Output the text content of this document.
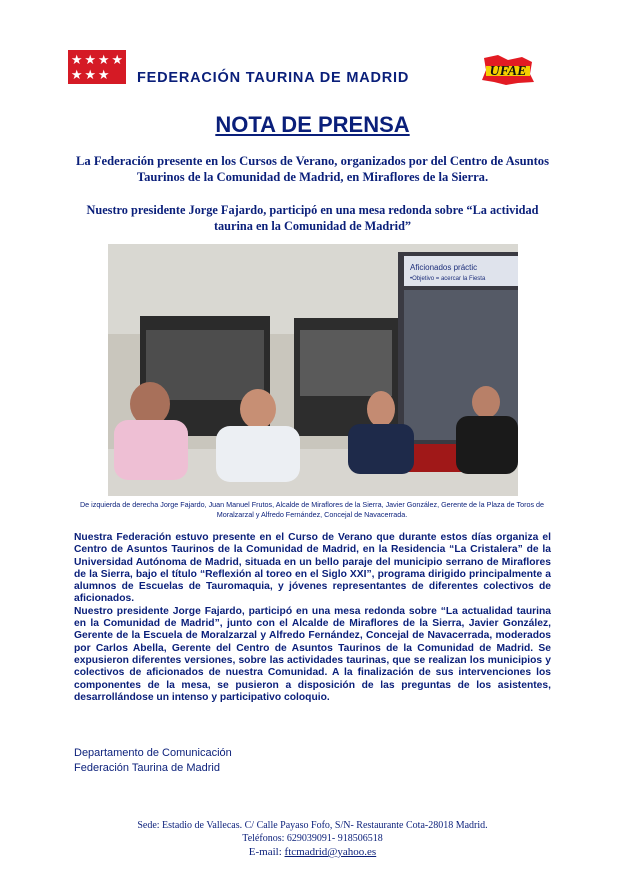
★ ★ ★ ★
★ ★ ★
FEDERACIÓN TAURINA DE MADRID	UFAE
NOTA DE PRENSA
La Federación presente en los Cursos de Verano, organizados por del Centro de Asuntos Taurinos de la Comunidad de Madrid, en Miraflores de la Sierra.
Nuestro presidente Jorge Fajardo, participó en una mesa redonda sobre “La actividad taurina en la Comunidad de Madrid”
Aficionados práctic
•Objetivo = acercar la Fiesta
De izquierda de derecha Jorge Fajardo, Juan Manuel Frutos, Alcalde de Miraflores de la Sierra, Javier González, Gerente de la Plaza de Toros de Moralzarzal y Alfredo Fernández, Concejal de Navacerrada.

Nuestra Federación estuvo presente en el Curso de Verano que durante estos días organiza el Centro de Asuntos Taurinos de la Comunidad de Madrid, en la Residencia “La Cristalera” de la Universidad Autónoma de Madrid, situada en un bello paraje del municipio serrano de Miraflores de la Sierra, bajo el título “Reflexión al toreo en el Siglo XXI”, programa dirigido principalmente a alumnos de Escuelas de Tauromaquia, y jóvenes representantes de diferentes colectivos de aficionados.

Nuestro presidente Jorge Fajardo, participó en una mesa redonda sobre “La actualidad taurina en la Comunidad de Madrid”, junto con el Alcalde de Miraflores de la Sierra, Javier González, Gerente de la Escuela de Moralzarzal y Alfredo Fernández, Concejal de Navacerrada, moderados por Carlos Abella, Gerente del Centro de Asuntos Taurinos de la Comunidad de Madrid. Se expusieron diferentes versiones, sobre las actividades taurinas, que se realizan los municipios y colectivos de aficionados de nuestra Comunidad. A la finalización de sus intervenciones los componentes de la mesa, se pusieron a disposición de las preguntas de los asistentes, desarrollándose un intenso y participativo coloquio.

Departamento de Comunicación
Federación Taurina de Madrid
Sede: Estadio de Vallecas. C/ Calle Payaso Fofo, S/N- Restaurante Cota-28018 Madrid.
Teléfonos: 629039091- 918506518
E-mail: ftcmadrid@yahoo.es
